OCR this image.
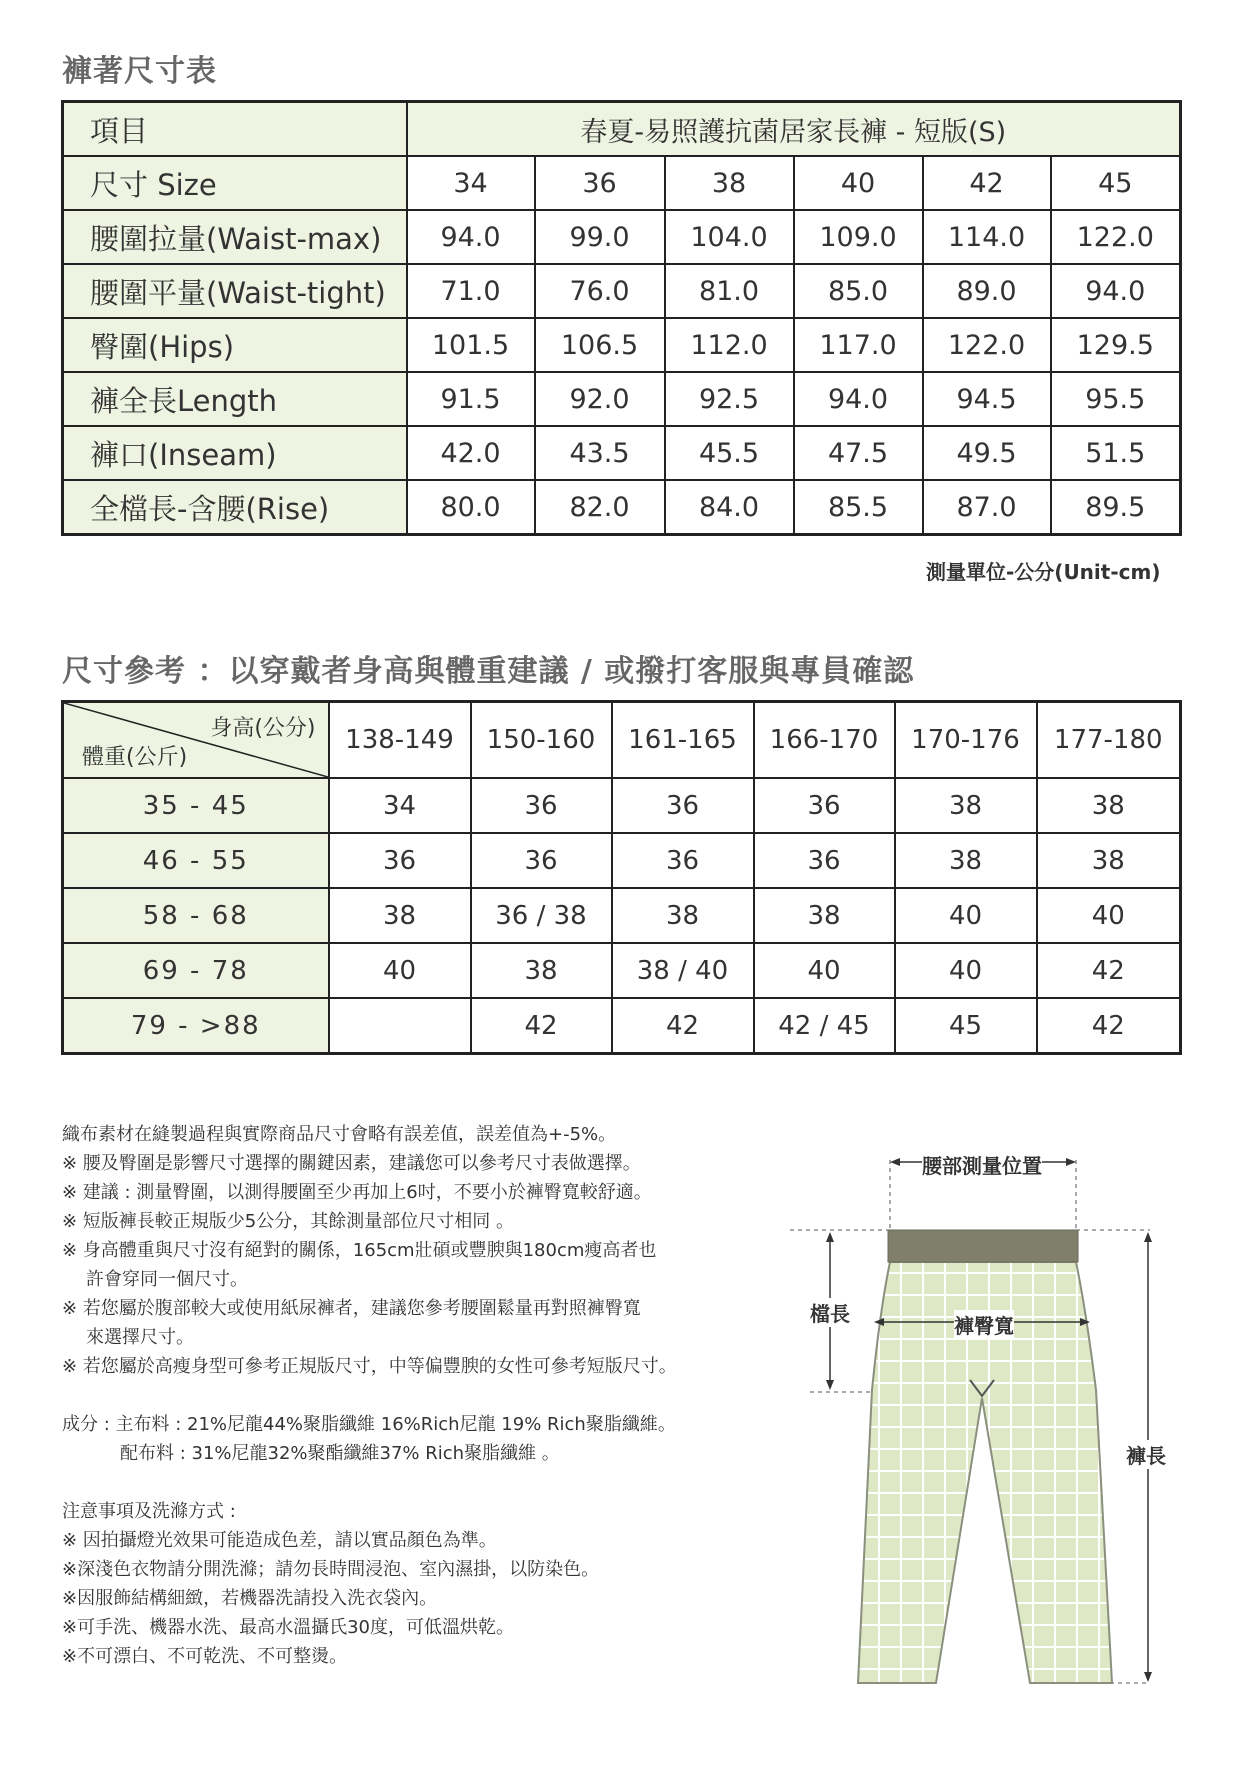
褲著尺寸表
項目	春夏-易照護抗菌居家長褲 - 短版(S)					
尺寸 Size	34	36	38	40	42	45
腰圍拉量(Waist-max)	94.0	99.0	104.0	109.0	114.0	122.0
腰圍平量(Waist-tight)	71.0	76.0	81.0	85.0	89.0	94.0
臀圍(Hips)	101.5	106.5	112.0	117.0	122.0	129.5
褲全長Length	91.5	92.0	92.5	94.0	94.5	95.5
褲口(Inseam)	42.0	43.5	45.5	47.5	49.5	51.5
全檔長-含腰(Rise)	80.0	82.0	84.0	85.5	87.0	89.5
測量單位-公分(Unit-cm)
尺寸參考 ：以穿戴者身高與體重建議 / 或撥打客服與專員確認
身高(公分)
體重(公斤)	138-149	150-160	161-165	166-170	170-176	177-180
35 - 45	34	36	36	36	38	38
46 - 55	36	36	36	36	38	38
58 - 68	38	36 / 38	38	38	40	40
69 - 78	40	38	38 / 40	40	40	42
79 - >88		42	42	42 / 45	45	42
織布素材在縫製過程與實際商品尺寸會略有誤差值，誤差值為+-5%。
※ 腰及臀圍是影響尺寸選擇的關鍵因素，建議您可以參考尺寸表做選擇。
※ 建議 : 測量臀圍，以測得腰圍至少再加上6吋，不要小於褲臀寬較舒適。
※ 短版褲長較正規版少5公分，其餘測量部位尺寸相同 。
※ 身高體重與尺寸沒有絕對的關係，165cm壯碩或豐腴與180cm瘦高者也
許會穿同一個尺寸。
※ 若您屬於腹部較大或使用紙尿褲者，建議您參考腰圍鬆量再對照褲臀寬
來選擇尺寸。
※ 若您屬於高瘦身型可參考正規版尺寸，中等偏豐腴的女性可參考短版尺寸。
成分 : 主布料 : 21%尼龍44%聚脂纖維 16%Rich尼龍 19% Rich聚脂纖維。
配布料 : 31%尼龍32%聚酯纖維37% Rich聚脂纖維 。
注意事項及洗滌方式 :
※ 因拍攝燈光效果可能造成色差，請以實品顏色為準。
※深淺色衣物請分開洗滌；請勿長時間浸泡、室內濕掛，以防染色。
※因服飾結構細緻，若機器洗請投入洗衣袋內。
※可手洗、機器水洗、最高水溫攝氏30度，可低溫烘乾。
※不可漂白、不可乾洗、不可整燙。
腰部測量位置
檔長	褲臀寬
褲長
